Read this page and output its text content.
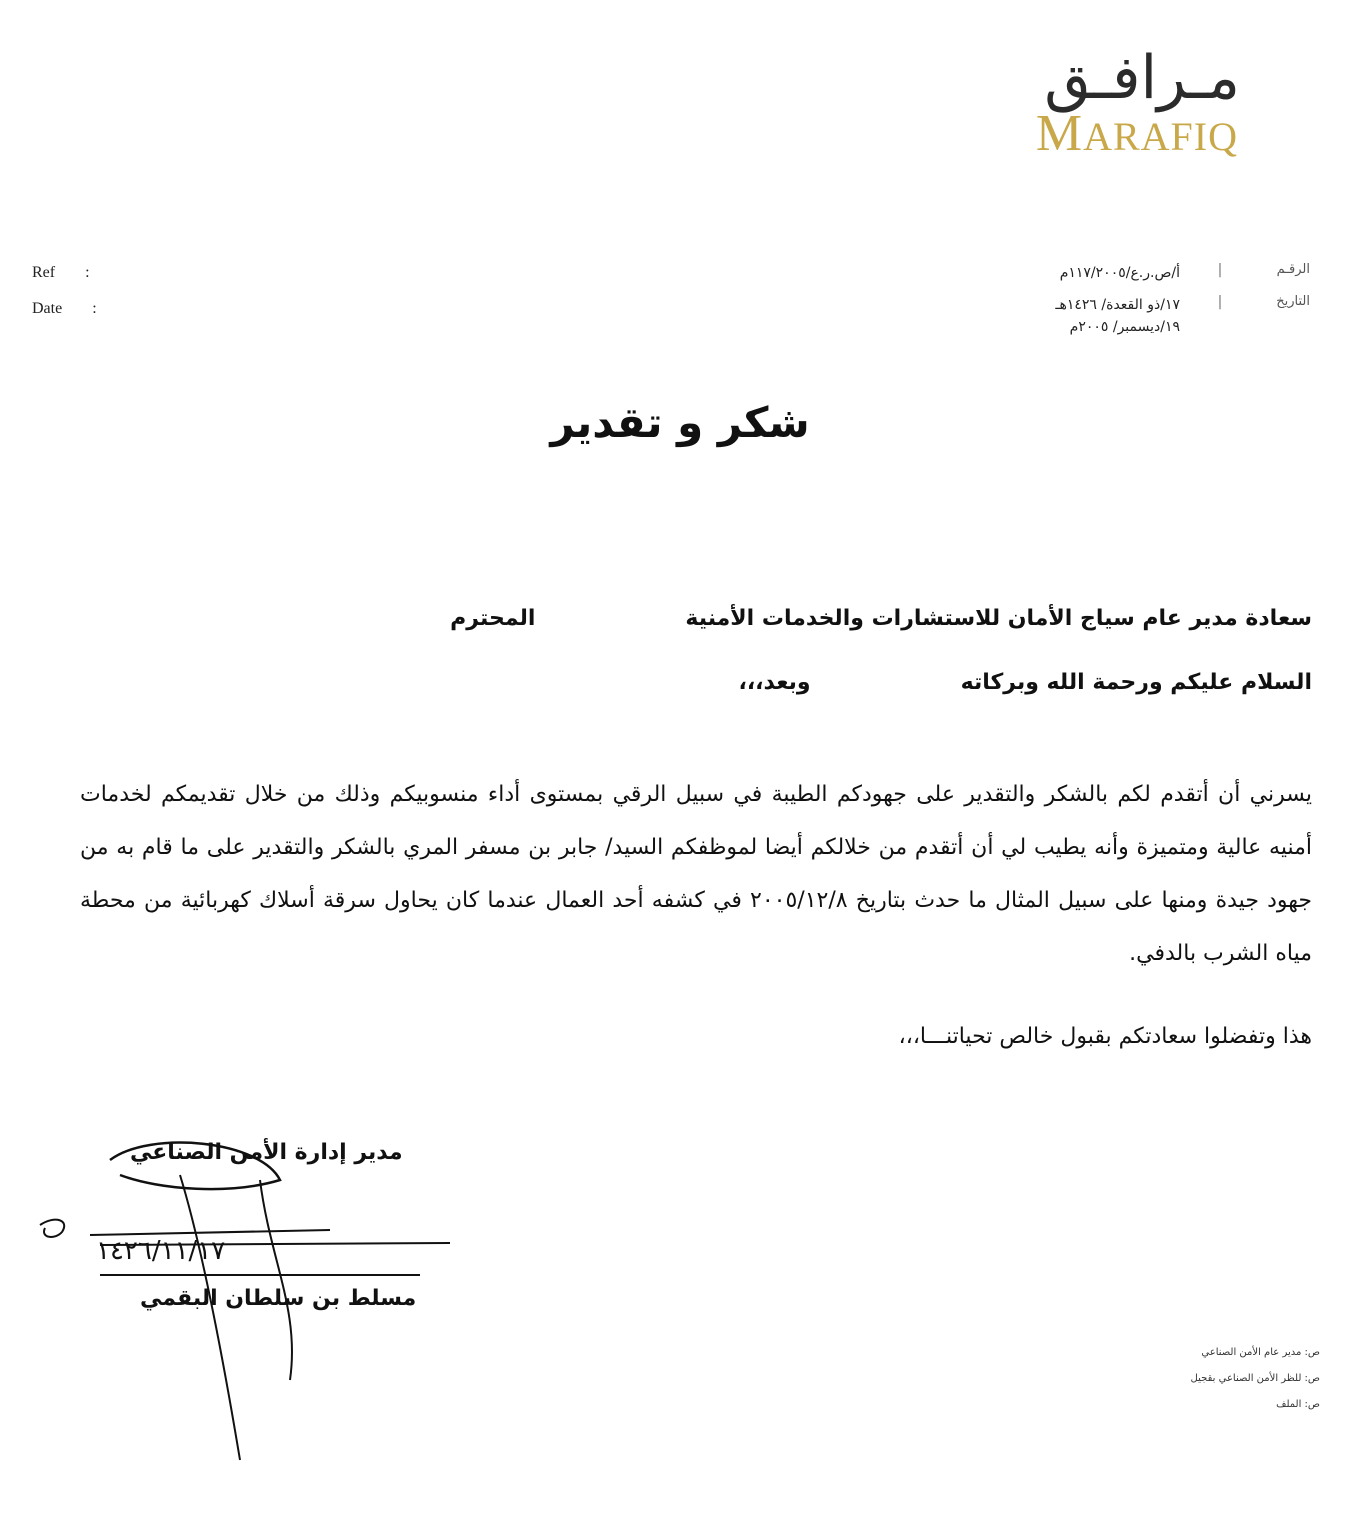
مـرافـق
MARAFIQ
Ref :
Date :
الرقـم
|
أ/ص.ر.ع/١١٧/٢٠٠٥م
التاريخ
|
١٧/ذو القعدة/ ١٤٢٦هـ
١٩/ديسمبر/ ٢٠٠٥م
شكر و تقدير
سعادة مدير عام سياج الأمان للاستشارات والخدمات الأمنية
المحترم
السلام عليكم ورحمة الله وبركاته
وبعد،،،
يسرني أن أتقدم لكم بالشكر والتقدير على جهودكم الطيبة في سبيل الرقي بمستوى أداء منسوبيكم وذلك من خلال تقديمكم لخدمات أمنيه عالية ومتميزة وأنه يطيب لي أن أتقدم من خلالكم أيضا لموظفكم السيد/ جابر بن مسفر المري بالشكر والتقدير على ما قام به من جهود جيدة ومنها على سبيل المثال ما حدث بتاريخ ٢٠٠٥/١٢/٨ في كشفه أحد العمال عندما كان يحاول سرقة أسلاك كهربائية من محطة مياه الشرب بالدفي.
هذا وتفضلوا سعادتكم بقبول خالص تحياتنـــا،،،
مدير إدارة الأمن الصناعي
١٤٢٦/١١/١٧
مسلط بن سلطان البقمي
ص: مدير عام الأمن الصناعي
ص: للظر الأمن الصناعي بقجيل
ص: الملف
